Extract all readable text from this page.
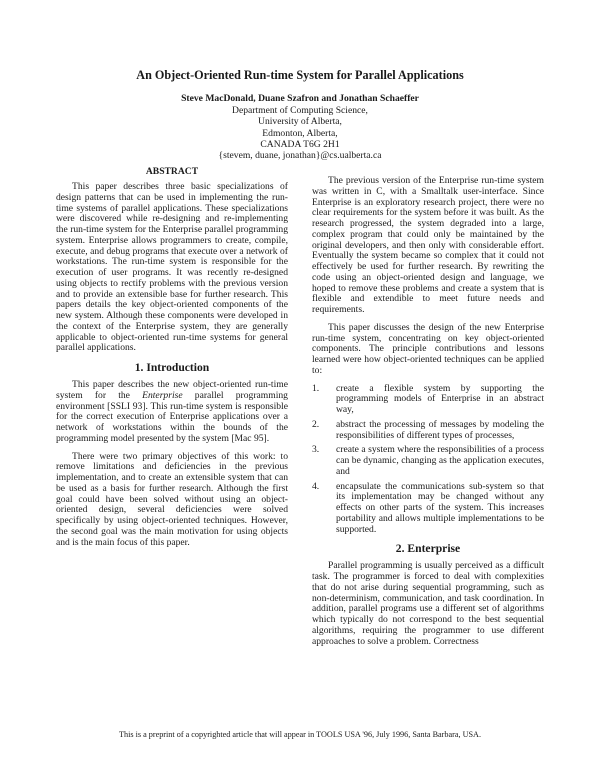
An Object-Oriented Run-time System for Parallel Applications
Steve MacDonald, Duane Szafron and Jonathan Schaeffer
Department of Computing Science,
University of Alberta,
Edmonton, Alberta,
CANADA T6G 2H1
{stevem, duane, jonathan}@cs.ualberta.ca
ABSTRACT

This paper describes three basic specializations of design patterns that can be used in implementing the run-time systems of parallel applications. These specializations were discovered while re-designing and re-implementing the run-time system for the Enterprise parallel programming system. Enterprise allows programmers to create, compile, execute, and debug programs that execute over a network of workstations. The run-time system is responsible for the execution of user programs. It was recently re-designed using objects to rectify problems with the previous version and to provide an extensible base for further research. This papers details the key object-oriented components of the new system. Although these components were developed in the context of the Enterprise system, they are generally applicable to object-oriented run-time systems for general parallel applications.

1. Introduction

This paper describes the new object-oriented run-time system for the Enterprise parallel programming environment [SSLI 93]. This run-time system is responsible for the correct execution of Enterprise applications over a network of workstations within the bounds of the programming model presented by the system [Mac 95].

There were two primary objectives of this work: to remove limitations and deficiencies in the previous implementation, and to create an extensible system that can be used as a basis for further research. Although the first goal could have been solved without using an object-oriented design, several deficiencies were solved specifically by using object-oriented techniques. However, the second goal was the main motivation for using objects and is the main focus of this paper.

The previous version of the Enterprise run-time system was written in C, with a Smalltalk user-interface. Since Enterprise is an exploratory research project, there were no clear requirements for the system before it was built. As the research progressed, the system degraded into a large, complex program that could only be maintained by the original developers, and then only with considerable effort. Eventually the system became so complex that it could not effectively be used for further research. By rewriting the code using an object-oriented design and language, we hoped to remove these problems and create a system that is flexible and extendible to meet future needs and requirements.

This paper discusses the design of the new Enterprise run-time system, concentrating on key object-oriented components. The principle contributions and lessons learned were how object-oriented techniques can be applied to:

1. create a flexible system by supporting the programming models of Enterprise in an abstract way,
2. abstract the processing of messages by modeling the responsibilities of different types of processes,
3. create a system where the responsibilities of a process can be dynamic, changing as the application executes, and
4. encapsulate the communications sub-system so that its implementation may be changed without any effects on other parts of the system. This increases portability and allows multiple implementations to be supported.
2. Enterprise

Parallel programming is usually perceived as a difficult task. The programmer is forced to deal with complexities that do not arise during sequential programming, such as non-determinism, communication, and task coordination. In addition, parallel programs use a different set of algorithms which typically do not correspond to the best sequential algorithms, requiring the programmer to use different approaches to solve a problem. Correctness

This is a preprint of a copyrighted article that will appear in TOOLS USA '96, July 1996, Santa Barbara, USA.
